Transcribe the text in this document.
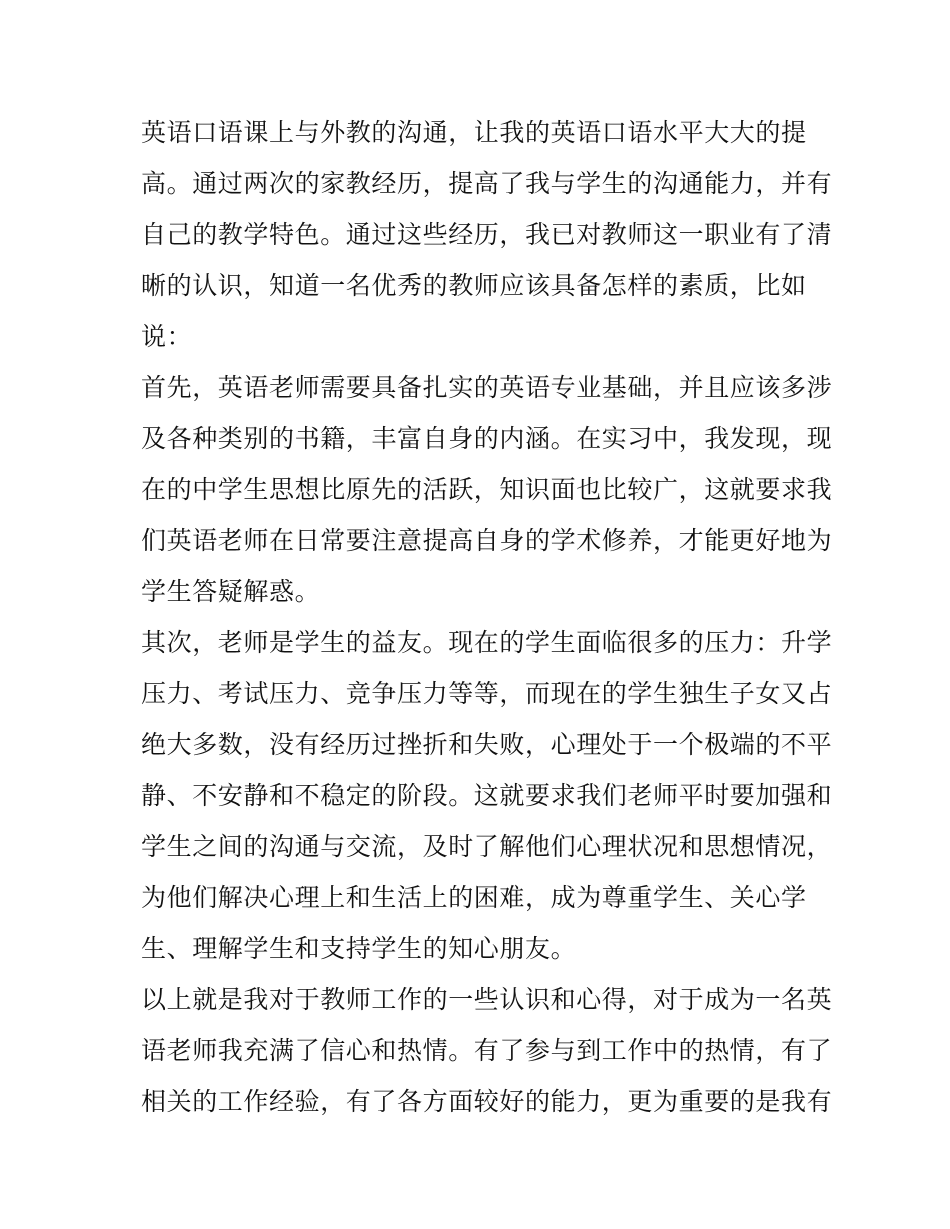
英语口语课上与外教的沟通，让我的英语口语水平大大的提
高。通过两次的家教经历，提高了我与学生的沟通能力，并有
自己的教学特色。通过这些经历，我已对教师这一职业有了清
晰的认识，知道一名优秀的教师应该具备怎样的素质，比如
说：
首先，英语老师需要具备扎实的英语专业基础，并且应该多涉
及各种类别的书籍，丰富自身的内涵。在实习中，我发现，现
在的中学生思想比原先的活跃，知识面也比较广，这就要求我
们英语老师在日常要注意提高自身的学术修养，才能更好地为
学生答疑解惑。
其次，老师是学生的益友。现在的学生面临很多的压力：升学
压力、考试压力、竞争压力等等，而现在的学生独生子女又占
绝大多数，没有经历过挫折和失败，心理处于一个极端的不平
静、不安静和不稳定的阶段。这就要求我们老师平时要加强和
学生之间的沟通与交流，及时了解他们心理状况和思想情况，
为他们解决心理上和生活上的困难，成为尊重学生、关心学
生、理解学生和支持学生的知心朋友。
以上就是我对于教师工作的一些认识和心得，对于成为一名英
语老师我充满了信心和热情。有了参与到工作中的热情，有了
相关的工作经验，有了各方面较好的能力，更为重要的是我有
